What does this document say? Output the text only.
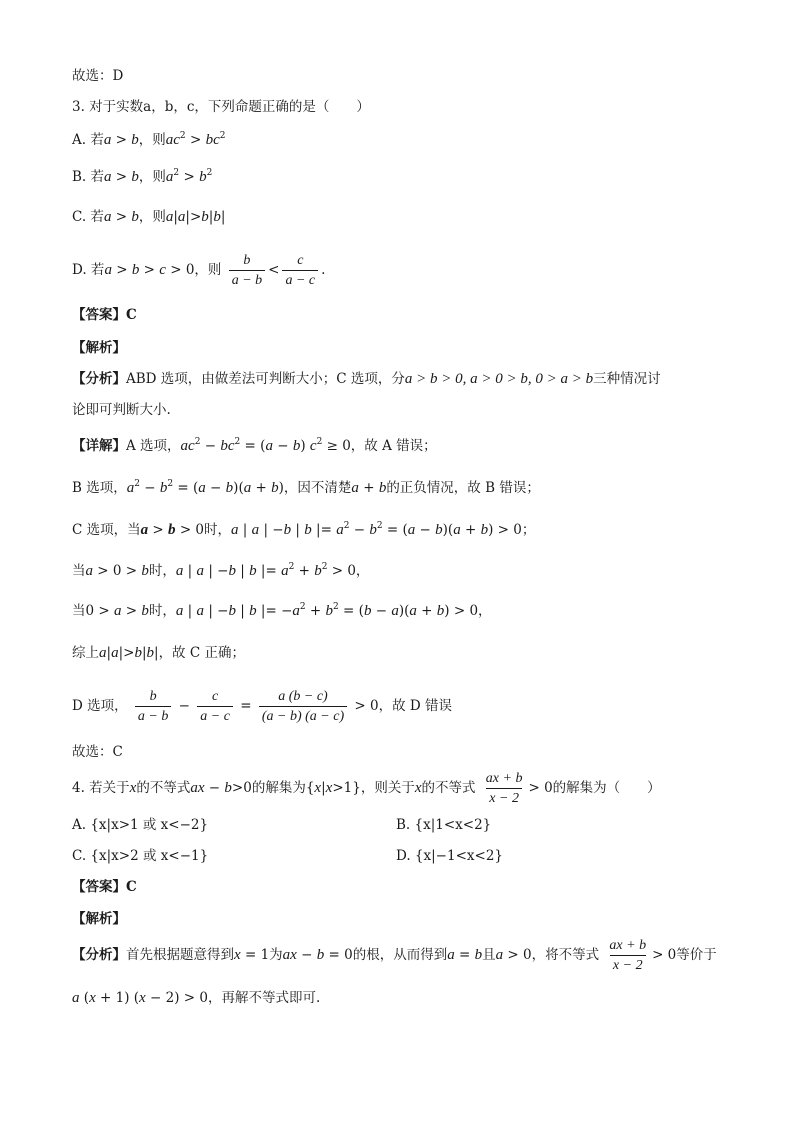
故选：D
3. 对于实数a，b，c，下列命题正确的是（　　）
A. 若a > b，则$ac^2 > bc^2$
B. 若a > b，则$a^2 > b^2$
C. 若a > b，则a|a|>b|b|
D. 若a > b > c > 0，则 $\frac{b}{a - b} < \frac{c}{a - c}$ .
【答案】C
【解析】
【分析】ABD 选项，由做差法可判断大小；C 选项，分a > b > 0, a > 0 > b, 0 > a > b三种情况讨
论即可判断大小.
【详解】A 选项，$ac^2 - bc^2 = (a - b) c^2 \ge 0$，故 A 错误；
B 选项，$a^2 - b^2 = (a - b)(a + b)$，因不清楚a + b的正负情况，故 B 错误；
C 选项，当a > b > 0时，a | a | −b | b |= $a^2 - b^2 = (a - b)(a + b) > 0$；
当a > 0 > b时，a | a | −b | b |= $a^2 + b^2 > 0$，
当0 > a > b时，a | a | −b | b |= $-a^2 + b^2 = (b - a)(a + b) > 0$，
综上a|a|>b|b|，故 C 正确；
D 选项， $\frac{b}{a - b} - \frac{c}{a - c} = \frac{a (b - c)}{(a - b) (a - c)} > 0$，故 D 错误
故选：C
4. 若关于x的不等式ax − b>0的解集为{x|x>1}，则关于x的不等式 $\frac{ax + b}{x - 2} > 0$的解集为（　　）
A. {x|x>1 或 x<−2}	B. {x|1<x<2}
C. {x|x>2 或 x<−1}	D. {x|−1<x<2}
【答案】C
【解析】
【分析】首先根据题意得到x = 1为ax − b = 0的根，从而得到a = b且a > 0，将不等式 $\frac{ax + b}{x - 2} > 0$等价于
a (x + 1) (x − 2) > 0，再解不等式即可.
